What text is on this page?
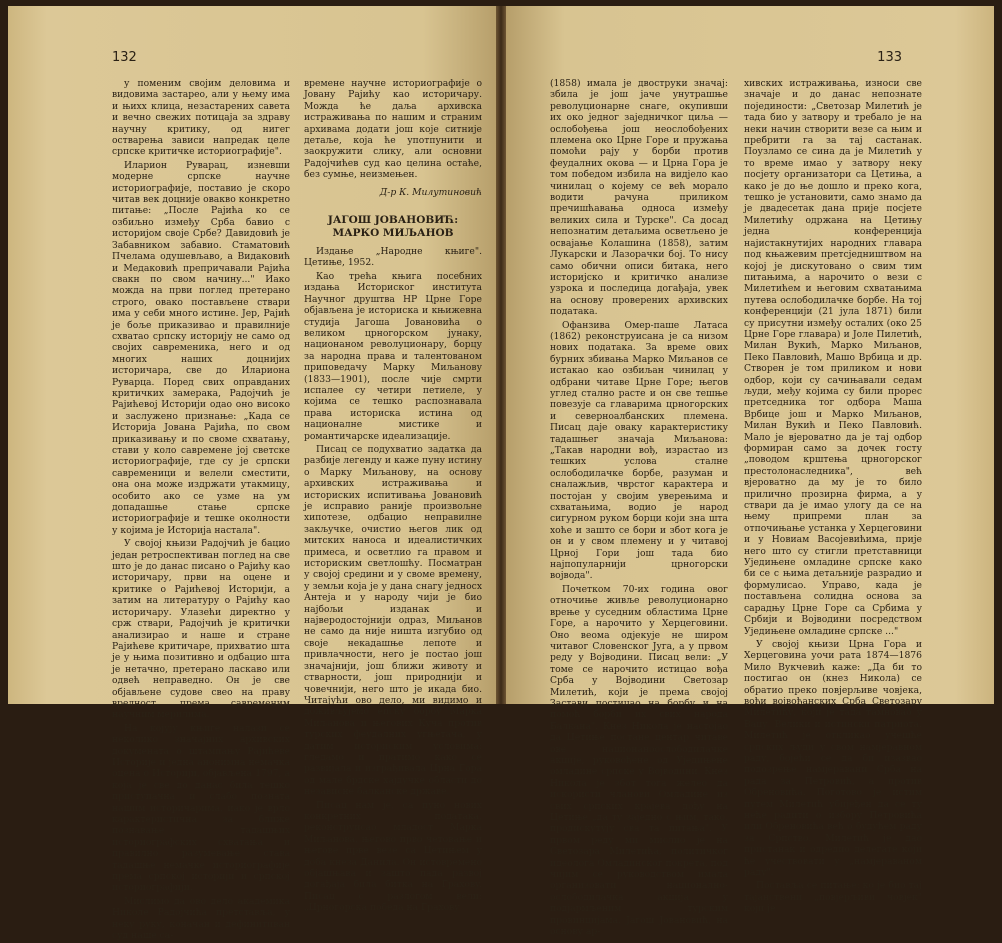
132

у поменим својим деловима и видовима застарео, али у њему има и њихх клица, незастарених савета и вечно свежих потицаја за здраву научну критику, од нигег остварења зависи напредак целе српске критичке историографије".

Иларион Руварац, изневши модерне српске научне историографије, поставио је скоро читав век доцније овакво конкретно питање: „После Рајића ко се озбиљно између Срба бавио с историјом своје Србе? Давидовић је Забавником забавио. Стаматовић Пчелама одушевљаво, а Видаковић и Медаковић препричавали Рајића свакн по свом начину..." Иако можда на први поглед претерано строго, овако постављене ствари има у себи много истине. Јер, Рајић је боље приказивао и правилније схватао српску историју не само од својих савременика, него и од многих наших доцнијих историчара, све до Илариона Руварца. Поред свих оправданих критичких замерака, Радојчић је Рајићевој Историји одао оно високо и заслужено признање: „Када се Историја Јована Рајића, по свом приказивању и по своме схватању, стави у коло савремене јој светске историографије, где су је српски савременици и велели сместити, она она може издржати утакмицу, особито ако се узме на ум допадашње стање српске историографије и тешке околности у којима је Историја настала".

У својој књизи Радојчић је бацио један ретроспективан поглед на све што је до данас писано о Рајићу као историчару, први на оцене и критике о Рајићевој Историји, а затим на литературу о Рајићу као историчару. Улазећи директно у срж ствари, Радојчић је критички анализирао и наше и стране Рајићеве критичаре, прихватио шта је у њима позитивно и одбацио шта је нетачно, претерано ласкаво или одвећ неправедно. Он је све објављене судове свео на праву вредност, према савременим научним мерилима.

На којују књиге налази се неколико значајних архивских докумената о штампању Рајићеве Историје и једна анонимна немачка оцена о Историји, објављена 1797, а која је све до данас била тешко приступачна и слабо позната нашим историчарима, иако је врло карактеристична за ближе познавање тадашњих историографских схватања и правилно разумевање става тадашње немачке историографије према српској историји и српској историографији.

Мислимо да ово дело академика Николе Радојчића претставља, у неку руку, коначан и дефинитиван суд наше са-

времене научне историографије о Јовану Рајићу као историчару. Можда ће даља архивска истраживања по нашим и страним архивама додати још које ситније детаље, која ће употпунити и заокружити слику, али основни Радојчићев суд као целина остаће, без сумње, неизмењен.

Д-р К. Милутиновић
ЈАГОШ ЈОВАНОВИЋ: МАРКО МИЉАНОВ

Издање „Народне књиге". Цетиње, 1952.

Као трећа књига посебних издања Историског института Научног друштва НР Црне Горе објављена је историска и књижевна студија Јагоша Јовановића о великом црногорском јунаку, национаном револуционару, борцу за народна права и талентованом приповедачу Марку Миљанову (1833—1901), после чије смрти испалее су четири петиеле, у којима се тешко распознавала права историска истина од националне мистике и романтичарске идеализације.

Писац се подухватио задатка да разбије легенду и каже пуну истину о Марку Миљанову, на основу архивских истраживања и историских испитивања Јовановић је исправио раније произвољне хипотезе, одбацио неправилне закључке, очистио његов лик од митских наноса и идеалистичких примеса, и осветлио га правом и историским светлошћу. Посматран у својој средини и у своме времену, у земљи која је у дана снагу једносх Антеја и у народу чији је био најбољи изданак и најверодостојнији одраз, Миљанов не само да није ништа изгубио од своје некадашње лепоте и привлачности, него је постао још значајнији, још ближи животу и стварности, још природнији и човечнији, него што је икада био. Читајући ово дело, ми видимо и доживљујемо епску борбу Марка Миљанова и његових Куча против турских феудалних угњетача, у датим историским условима; гледамо и пратимо како се развијала и изграђивала Црна Гора од мале брдске хајдучке области до независне балканске државе.

Писац нам је, са пуно нових конкретних података, реконструисао младост Марка Миљанова, његово прво четовање и његове прве везе са Цетињем у доба кнеза Данила. Он истовремено објашњава и зашто пада развој догађаја била битка на Граховy. Писац с разлогом вели: „Црногорска победа на Граховy

133

(1858) имала је двоструки значај: збила је још јаче унутрашње револуционарне снаге, окупивши их око једног заједничког циља — ослобођења још неослобођених племена око Црне Горе и пружања помоћи рају у борби против феудалних окова — и Црна Гора је том победом избила на видјело као чинилац о којему се већ морало водити рачуна приликом пречишћавања односа између великих сила и Турске". Са досад непознатим детаљима осветљено је освајање Колашина (1858), затим Лукарски и Лазорачки бој. То нису само обични описи битака, него историјско и критичко анализе узрока и последица догађаја, увек на основу проверених архивских података.

Офанзива Омер-паше Латаса (1862) реконструисана је са низом нових података. За време ових бурних збивања Марко Миљанов се истакао као озбиљан чинилац у одбрани читаве Црне Горе; његов углед стално расте и он све тешње повезује са главарима црногорских и северноалбанских племена. Писац даје оваку карактеристику тадашњег значаја Миљанова: „Такав народни вођ, израстао из тешких услова сталне ослободилачке борбе, разуман и сналажљив, чврстог карактера и постојан у својим уверењима и схватањима, водио је народ сигурном руком борци који зна шта хоће и зашто се бори и збот кога је он и у свом племену и у читавој Црној Гори још тада био најпопуларнији црногорски војвода".

Почетком 70-их година овог отночиње живље револуционарно врење у суседним областима Црне Горе, а нарочито у Херцеговини. Оно веома одјекује не широм читавог Словенског Југа, а у првом реду у Војводини. Писац вели: „У томе се нарочито истицао вођа Срба у Војводини Светозар Милетић, који је према својој Застави постицао на борбу и на помоћ борби их свих народа Балкана". Кнез Никола је настојао да Цетиње постане центар читаве ове национаноослободилачке акције, руковођене од Уједињене омладине српске у Војводини. Кнез Никола је збот тога желео да искористи чланови Омладине из свих српских крајева дођу на Цетиње „да ту заједно с њим, тако, продискутују сва та питања". У првом реду ми мислио је на Светозара Милетића, политичког идеолога Омладинског покрета, под чијим се руководством имала организовати национално-ослободилачка акција у подјармљеним турским провинцијама. Јагош Јовановић, на основу ар-

хивских истраживања, износи све значаје и до данас непознате појединости: „Светозар Милетић је тада био у затвору и требало је на неки начин створити везе са њим и пребрити га за тај састанак. Поузламо се сина да је Милетић у то време имао у затвору неку посјету организатори са Цетиња, а како је до ње дошло и преко кога, тешко је установити, само знамо да је двадесетак дана прије посјете Милетићу одржана на Цетињу једна конференција најистакнутијих народних главара под књажевим претсједништвом на којој је дискутовано о свим тим питањима, а нарочито о вези с Милетићем и његовим схватањима путева ослободилачке борбе. На тој конференцији (21 јула 1871) били су присутни између осталих (око 25 Црне Горе главара) и Јоле Пилетић, Милан Вукић, Марко Миљанов, Пеко Павловић, Машо Врбица и др. Створен је том приликом и нови одбор, који су сачињавали седам људи, међу којима су били прорес претседника тог одбора Машa Врбице још и Марко Миљанов, Милан Вукић и Пеко Павловић. Мало је вјероватно да је тај одбор формиран само за дочек госту „поводом крштења црногорског престолонаследника", већ вјероватно да му је то било прилично прозирна фирма, а у ствари да је имао улогу да се на њему припреми план за отпочињање устанка у Херцеговини и у Новиам Васојевићима, прије него што су стигли претставници Уједињене омладине српске како би се с њима детаљније разрадио и формулисао. Управо, када је постављена солидна основа за сарадњу Црне Горе са Србима у Србији и Војводини посредством Уједињене омладине српске ..."

У својој књизи Црна Гора и Херцеговина уочи рата 1874—1876 Мило Вукчевић каже: „Да би то постигао он (кнез Никола) се обратио преко повјерљиве човјека, вођи војвођанских Срба Светозару Милетићу, који је тада тамновао у Вацу. Велики и истински патриота. Милетић је откликао учешће српских људи у свом намјеравном раду, бојећи се да би изазвао подозрење намјеравани Срба на рада за Петровић, а против Обреновића. Поготово је истим путем Милетић убијеђен да се ту неће радити о избору Петровића или Обреновића већ о будућем раду за Српство. Милетић је дао пристанак и одредио делегате који ће учествовати у „намјераваном раду".

Поставља се питање: ко је био тај тајанствени „повјерљиви човјек" који је
